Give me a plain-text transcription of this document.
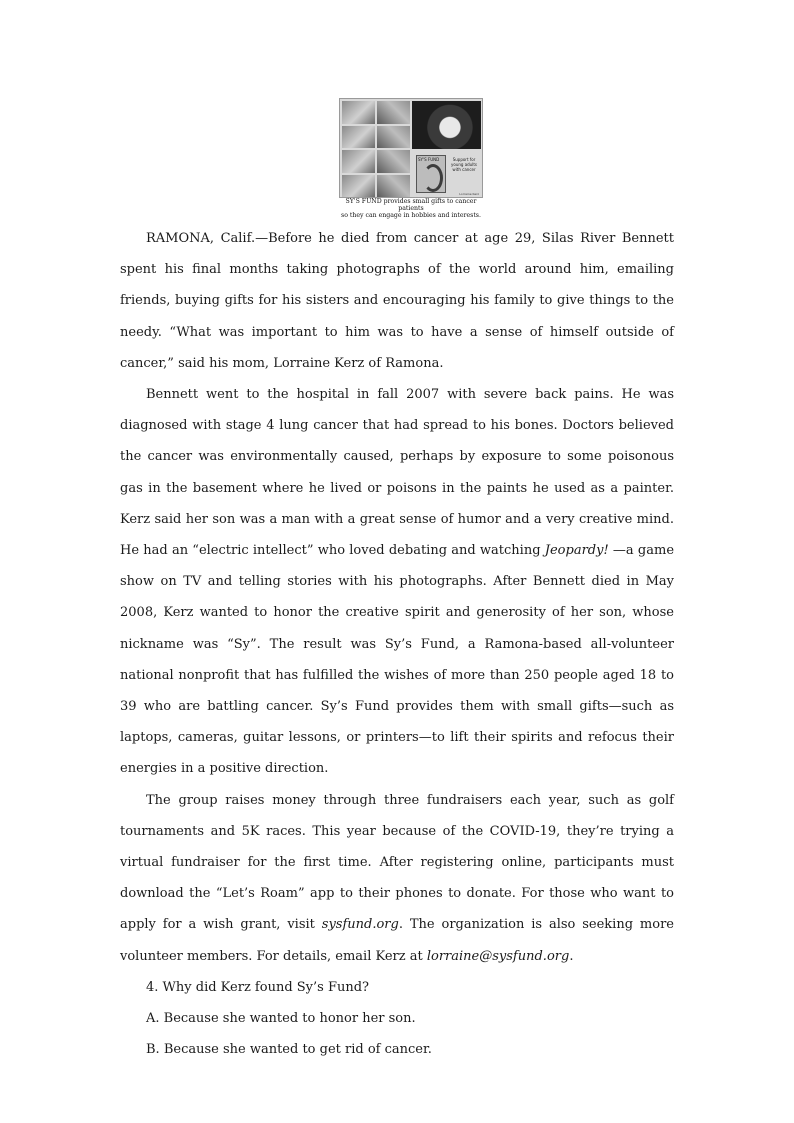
SY'S FUND	Support for young adults with cancer
Lorraine Kerz
SY'S FUND provides small gifts to cancer patients
so they can engage in hobbies and interests.

RAMONA, Calif.—Before he died from cancer at age 29, Silas River Bennett spent his final months taking photographs of the world around him, emailing friends, buying gifts for his sisters and encouraging his family to give things to the needy. “What was important to him was to have a sense of himself outside of cancer,” said his mom, Lorraine Kerz of Ramona.

Bennett went to the hospital in fall 2007 with severe back pains. He was diagnosed with stage 4 lung cancer that had spread to his bones. Doctors believed the cancer was environmentally caused, perhaps by exposure to some poisonous gas in the basement where he lived or poisons in the paints he used as a painter. Kerz said her son was a man with a great sense of humor and a very creative mind. He had an “electric intellect” who loved debating and watching Jeopardy! —a game show on TV and telling stories with his photographs. After Bennett died in May 2008, Kerz wanted to honor the creative spirit and generosity of her son, whose nickname was “Sy”. The result was Sy’s Fund, a Ramona-based all-volunteer national nonprofit that has fulfilled the wishes of more than 250 people aged 18 to 39 who are battling cancer. Sy’s Fund provides them with small gifts—such as laptops, cameras, guitar lessons, or printers—to lift their spirits and refocus their energies in a positive direction.

The group raises money through three fundraisers each year, such as golf tournaments and 5K races. This year because of the COVID-19, they’re trying a virtual fundraiser for the first time. After registering online, participants must download the “Let’s Roam” app to their phones to donate. For those who want to apply for a wish grant, visit sysfund.org. The organization is also seeking more volunteer members. For details, email Kerz at lorraine@sysfund.org.

4. Why did Kerz found Sy’s Fund?

A. Because she wanted to honor her son.

B. Because she wanted to get rid of cancer.
